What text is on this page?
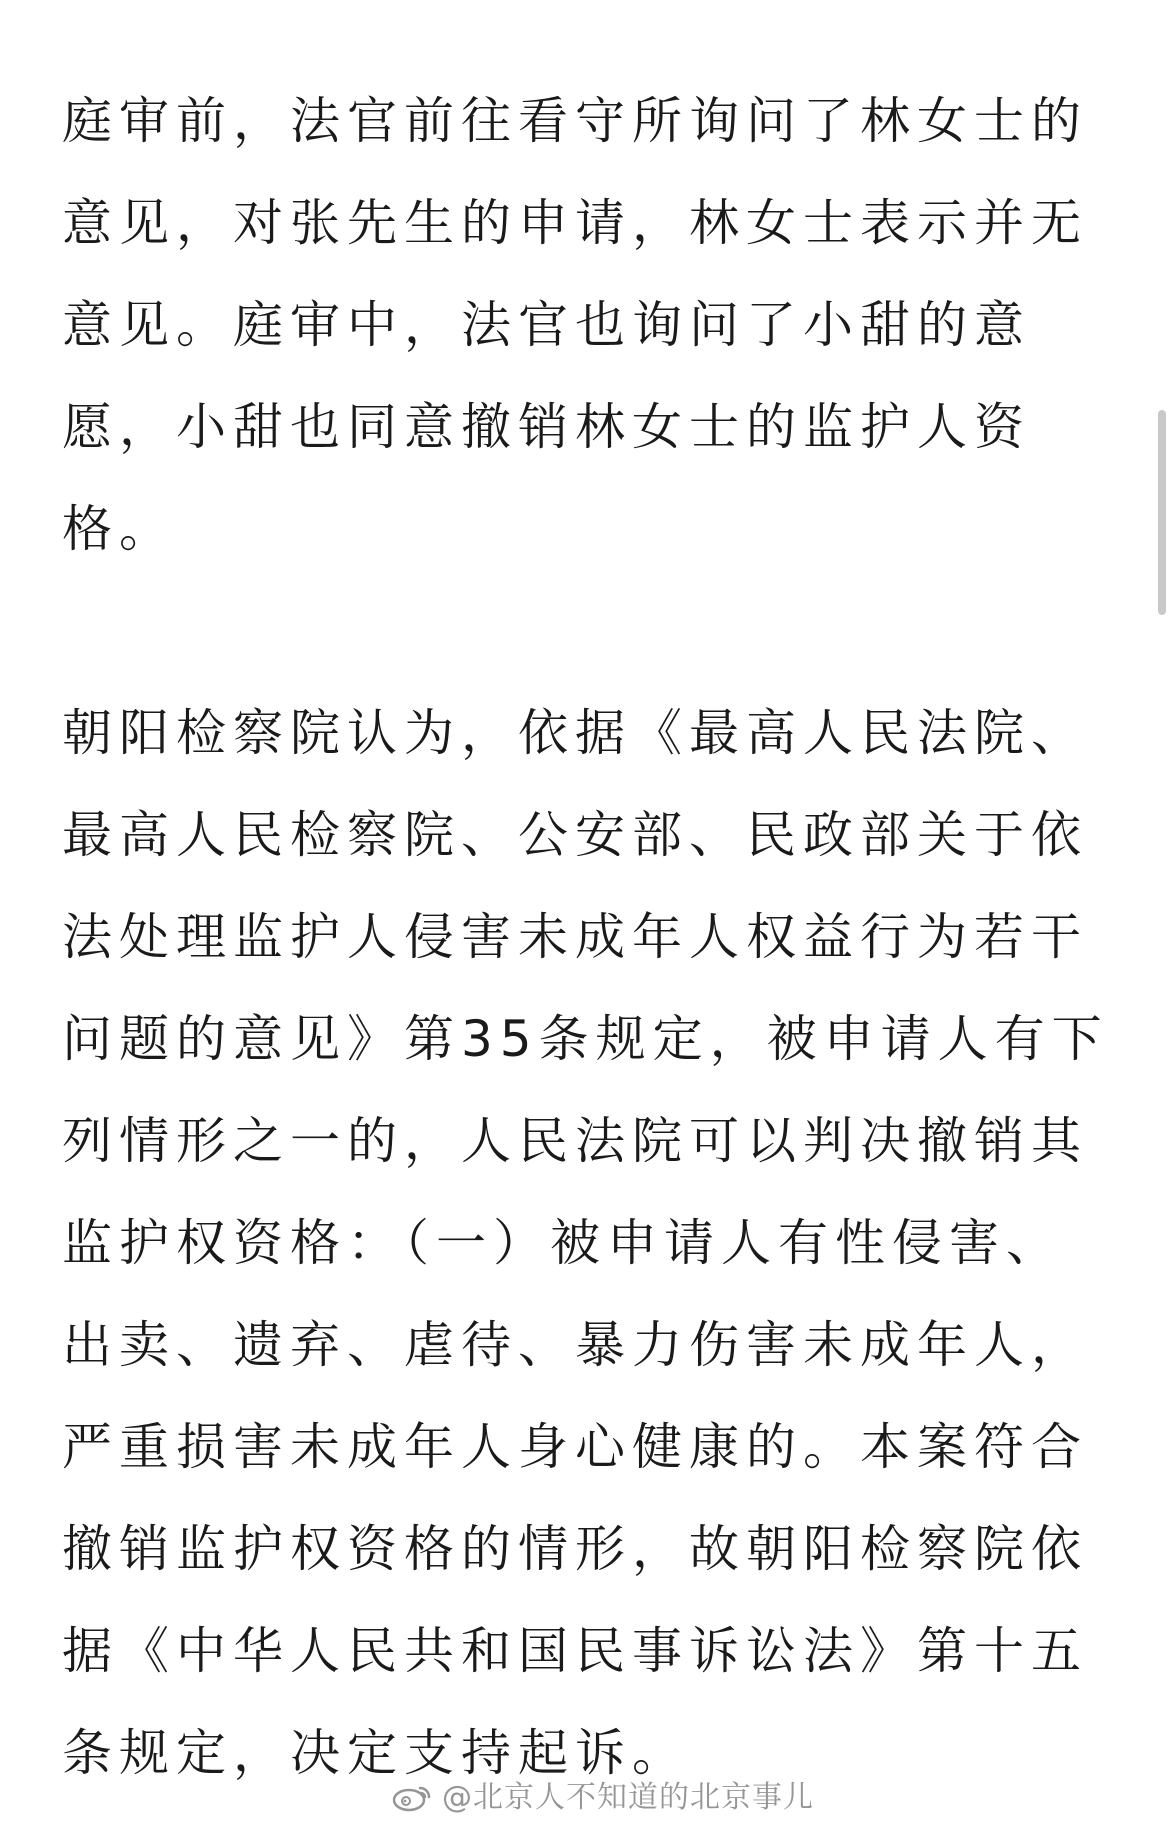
庭审前，法官前往看守所询问了林女士的
意见，对张先生的申请，林女士表示并无
意见。庭审中，法官也询问了小甜的意
愿，小甜也同意撤销林女士的监护人资
格。

朝阳检察院认为，依据《最高人民法院、
最高人民检察院、公安部、民政部关于依
法处理监护人侵害未成年人权益行为若干
问题的意见》第35条规定，被申请人有下
列情形之一的，人民法院可以判决撤销其
监护权资格：（一）被申请人有性侵害、
出卖、遗弃、虐待、暴力伤害未成年人，
严重损害未成年人身心健康的。本案符合
撤销监护权资格的情形，故朝阳检察院依
据《中华人民共和国民事诉讼法》第十五
条规定，决定支持起诉。

@北京人不知道的北京事儿
